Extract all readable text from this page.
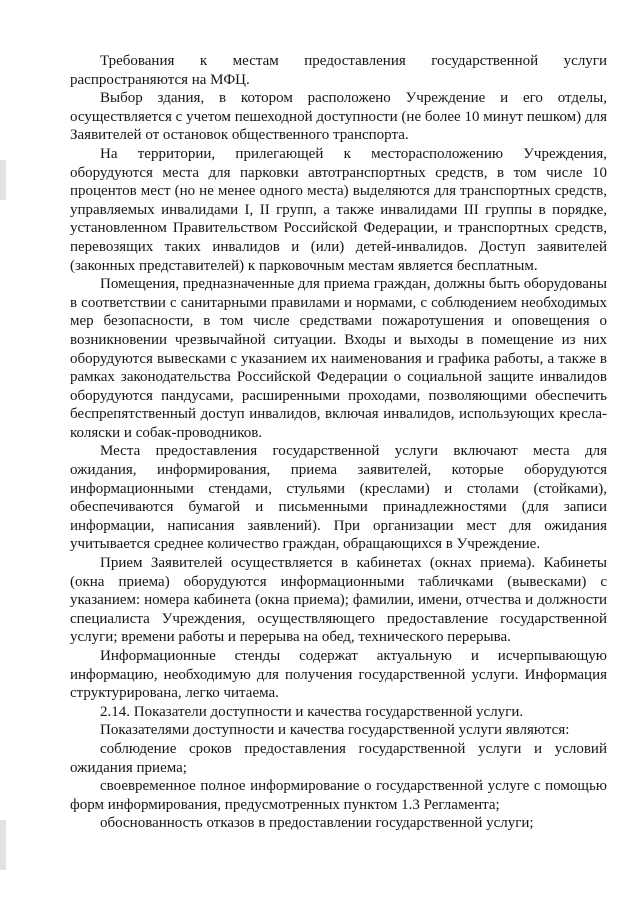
Требования к местам предоставления государственной услуги распространяются на МФЦ.

Выбор здания, в котором расположено Учреждение и его отделы, осуществляется с учетом пешеходной доступности (не более 10 минут пешком) для Заявителей от остановок общественного транспорта.

На территории, прилегающей к месторасположению Учреждения, оборудуются места для парковки автотранспортных средств, в том числе 10 процентов мест (но не менее одного места) выделяются для транспортных средств, управляемых инвалидами I, II групп, а также инвалидами III группы в порядке, установленном Правительством Российской Федерации, и транспортных средств, перевозящих таких инвалидов и (или) детей-инвалидов. Доступ заявителей (законных представителей) к парковочным местам является бесплатным.

Помещения, предназначенные для приема граждан, должны быть оборудованы в соответствии с санитарными правилами и нормами, с соблюдением необходимых мер безопасности, в том числе средствами пожаротушения и оповещения о возникновении чрезвычайной ситуации. Входы и выходы в помещение из них оборудуются вывесками с указанием их наименования и графика работы, а также в рамках законодательства Российской Федерации о социальной защите инвалидов оборудуются пандусами, расширенными проходами, позволяющими обеспечить беспрепятственный доступ инвалидов, включая инвалидов, использующих кресла-коляски и собак-проводников.

Места предоставления государственной услуги включают места для ожидания, информирования, приема заявителей, которые оборудуются информационными стендами, стульями (креслами) и столами (стойками), обеспечиваются бумагой и письменными принадлежностями (для записи информации, написания заявлений). При организации мест для ожидания учитывается среднее количество граждан, обращающихся в Учреждение.

Прием Заявителей осуществляется в кабинетах (окнах приема). Кабинеты (окна приема) оборудуются информационными табличками (вывесками) с указанием: номера кабинета (окна приема); фамилии, имени, отчества и должности специалиста Учреждения, осуществляющего предоставление государственной услуги; времени работы и перерыва на обед, технического перерыва.

Информационные стенды содержат актуальную и исчерпывающую информацию, необходимую для получения государственной услуги. Информация структурирована, легко читаема.

2.14. Показатели доступности и качества государственной услуги.

Показателями доступности и качества государственной услуги являются:

соблюдение сроков предоставления государственной услуги и условий ожидания приема;

своевременное полное информирование о государственной услуге с помощью форм информирования, предусмотренных пунктом 1.3 Регламента;

обоснованность отказов в предоставлении государственной услуги;
